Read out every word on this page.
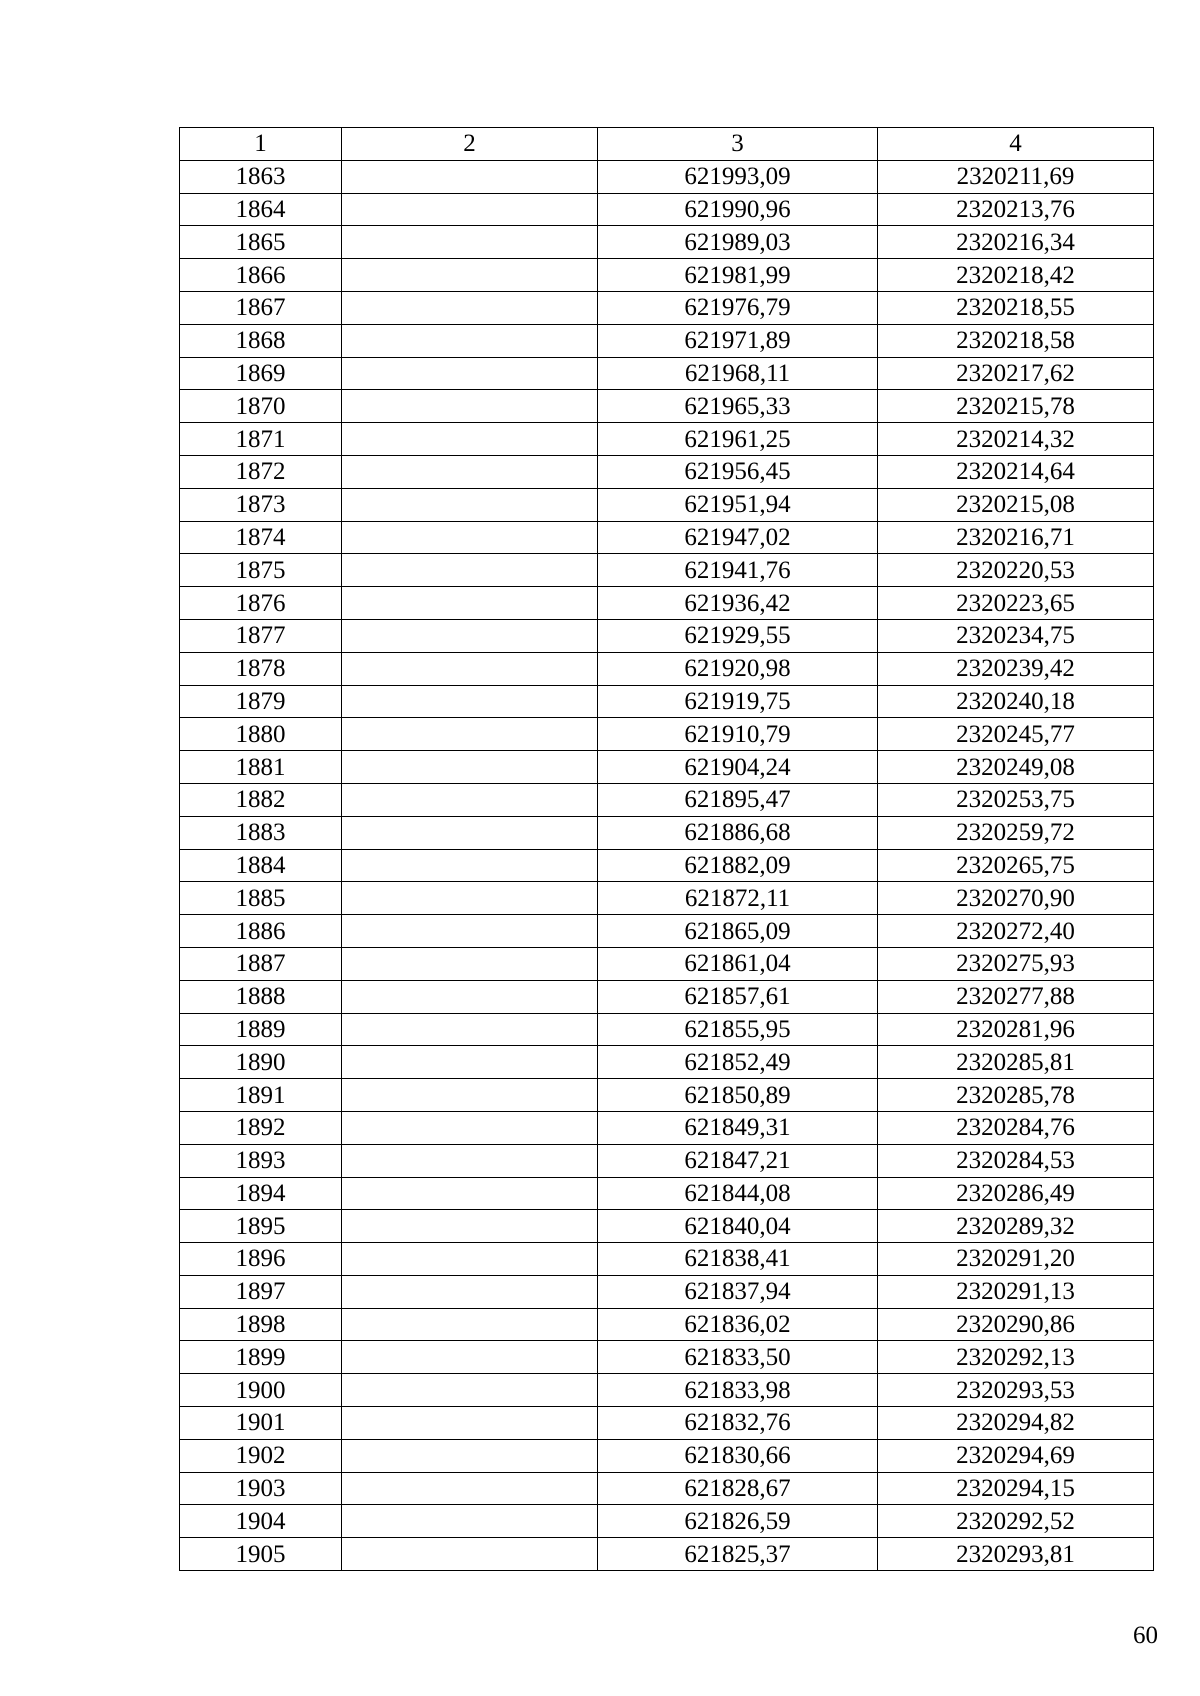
1	2	3	4
1863		621993,09	2320211,69
1864		621990,96	2320213,76
1865		621989,03	2320216,34
1866		621981,99	2320218,42
1867		621976,79	2320218,55
1868		621971,89	2320218,58
1869		621968,11	2320217,62
1870		621965,33	2320215,78
1871		621961,25	2320214,32
1872		621956,45	2320214,64
1873		621951,94	2320215,08
1874		621947,02	2320216,71
1875		621941,76	2320220,53
1876		621936,42	2320223,65
1877		621929,55	2320234,75
1878		621920,98	2320239,42
1879		621919,75	2320240,18
1880		621910,79	2320245,77
1881		621904,24	2320249,08
1882		621895,47	2320253,75
1883		621886,68	2320259,72
1884		621882,09	2320265,75
1885		621872,11	2320270,90
1886		621865,09	2320272,40
1887		621861,04	2320275,93
1888		621857,61	2320277,88
1889		621855,95	2320281,96
1890		621852,49	2320285,81
1891		621850,89	2320285,78
1892		621849,31	2320284,76
1893		621847,21	2320284,53
1894		621844,08	2320286,49
1895		621840,04	2320289,32
1896		621838,41	2320291,20
1897		621837,94	2320291,13
1898		621836,02	2320290,86
1899		621833,50	2320292,13
1900		621833,98	2320293,53
1901		621832,76	2320294,82
1902		621830,66	2320294,69
1903		621828,67	2320294,15
1904		621826,59	2320292,52
1905		621825,37	2320293,81
60
